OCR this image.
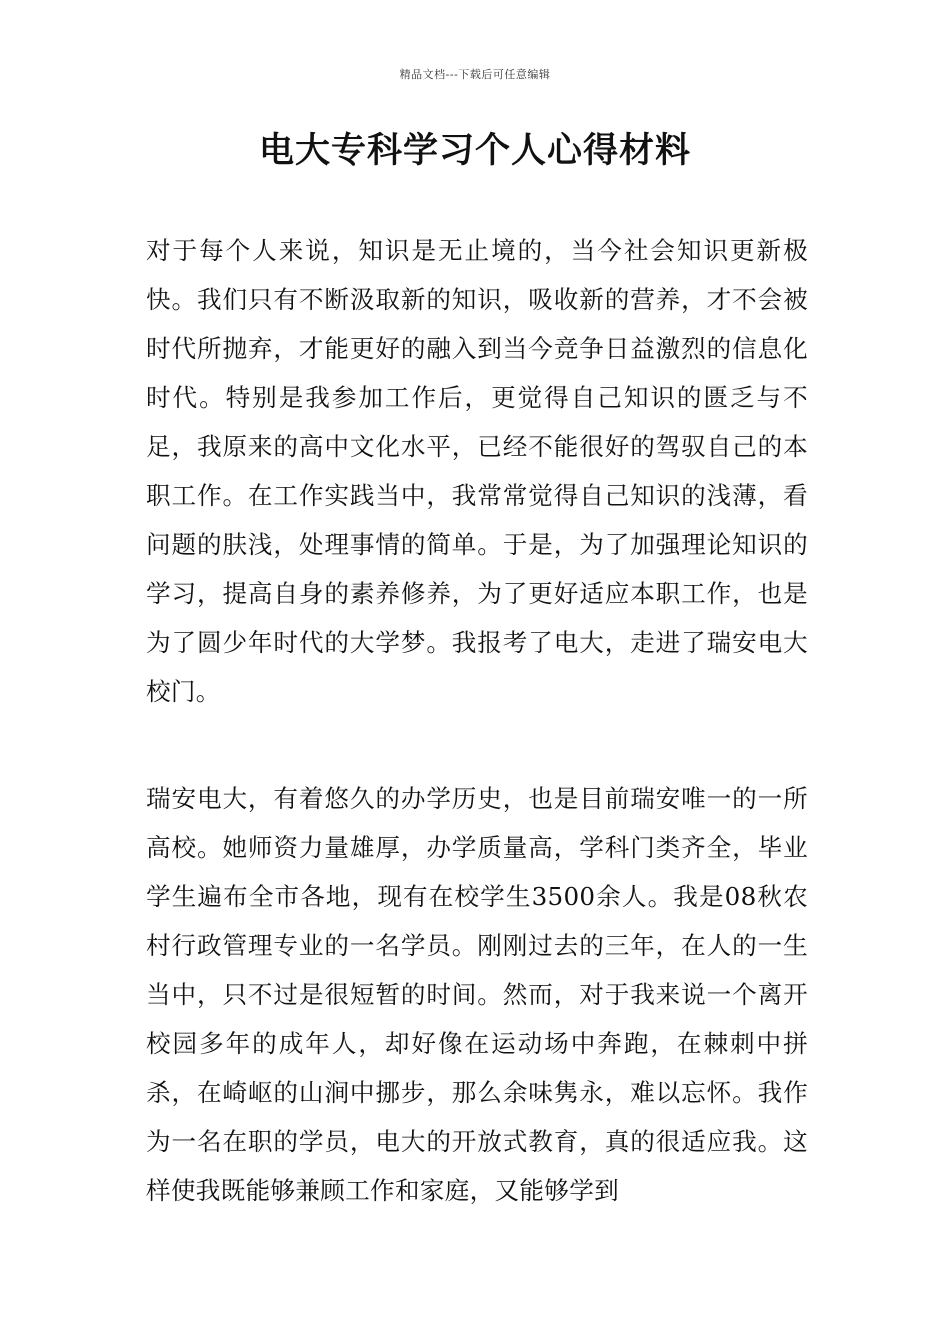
精品文档---下载后可任意编辑
电大专科学习个人心得材料

对于每个人来说，知识是无止境的，当今社会知识更新极快。我们只有不断汲取新的知识，吸收新的营养，才不会被时代所抛弃，才能更好的融入到当今竞争日益激烈的信息化时代。特别是我参加工作后，更觉得自己知识的匮乏与不足，我原来的高中文化水平，已经不能很好的驾驭自己的本职工作。在工作实践当中，我常常觉得自己知识的浅薄，看问题的肤浅，处理事情的简单。于是，为了加强理论知识的学习，提高自身的素养修养，为了更好适应本职工作，也是为了圆少年时代的大学梦。我报考了电大，走进了瑞安电大校门。

瑞安电大，有着悠久的办学历史，也是目前瑞安唯一的一所高校。她师资力量雄厚，办学质量高，学科门类齐全，毕业学生遍布全市各地，现有在校学生3500余人。我是08秋农村行政管理专业的一名学员。刚刚过去的三年，在人的一生当中，只不过是很短暂的时间。然而，对于我来说一个离开校园多年的成年人，却好像在运动场中奔跑，在棘刺中拼杀，在崎岖的山涧中挪步，那么余味隽永，难以忘怀。我作为一名在职的学员，电大的开放式教育，真的很适应我。这样使我既能够兼顾工作和家庭，又能够学到
